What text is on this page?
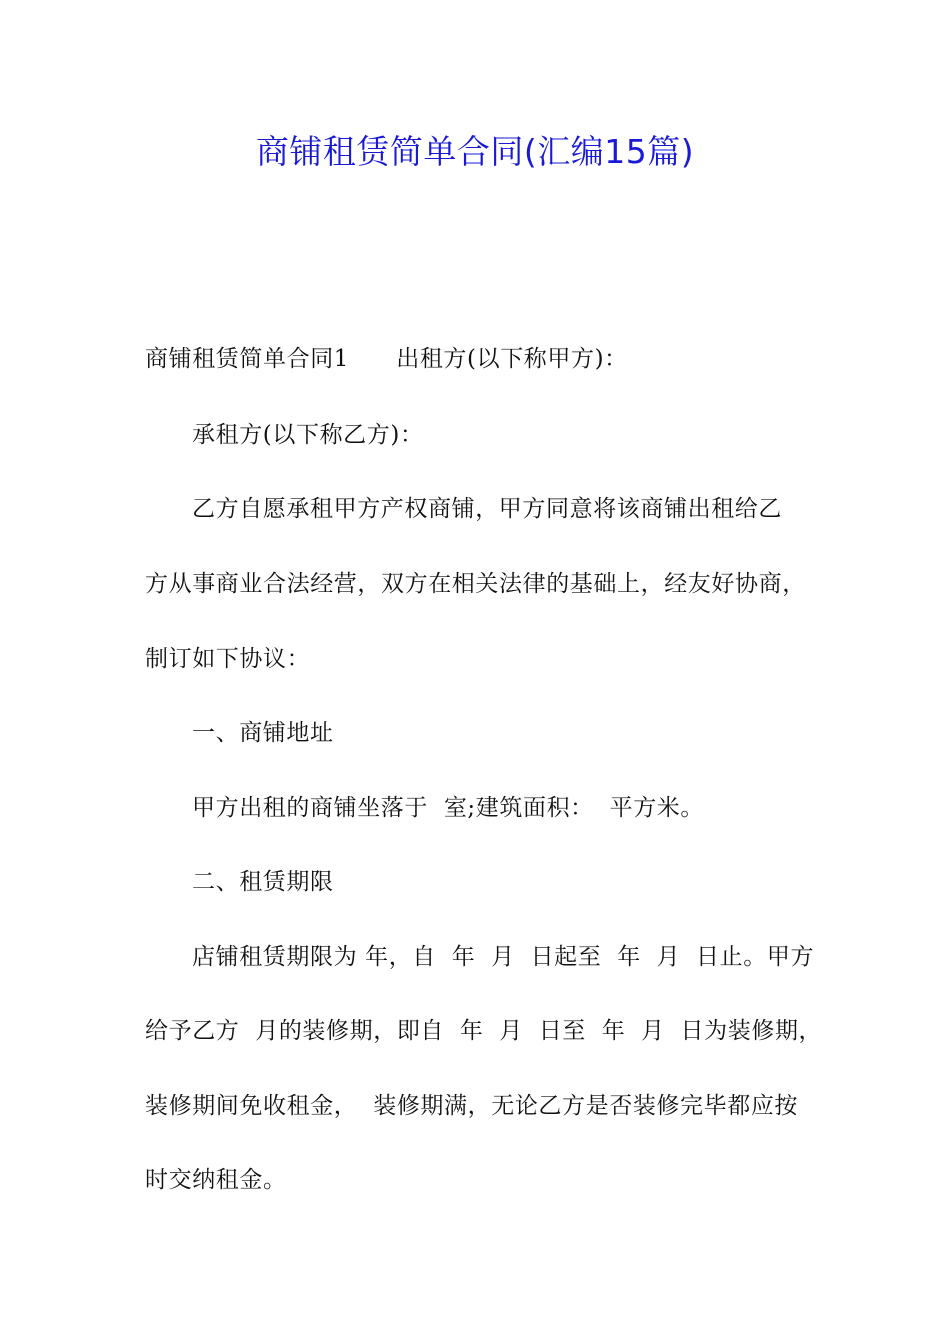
商铺租赁简单合同(汇编15篇)
商铺租赁简单合同1　　出租方(以下称甲方)：
承租方(以下称乙方)：
乙方自愿承租甲方产权商铺，甲方同意将该商铺出租给乙
方从事商业合法经营，双方在相关法律的基础上，经友好协商，
制订如下协议：
一、商铺地址
甲方出租的商铺坐落于  室;建筑面积：  平方米。
二、租赁期限
店铺租赁期限为 年，自  年  月  日起至  年  月  日止。甲方
给予乙方  月的装修期，即自  年  月  日至  年  月  日为装修期，
装修期间免收租金，  装修期满，无论乙方是否装修完毕都应按
时交纳租金。
